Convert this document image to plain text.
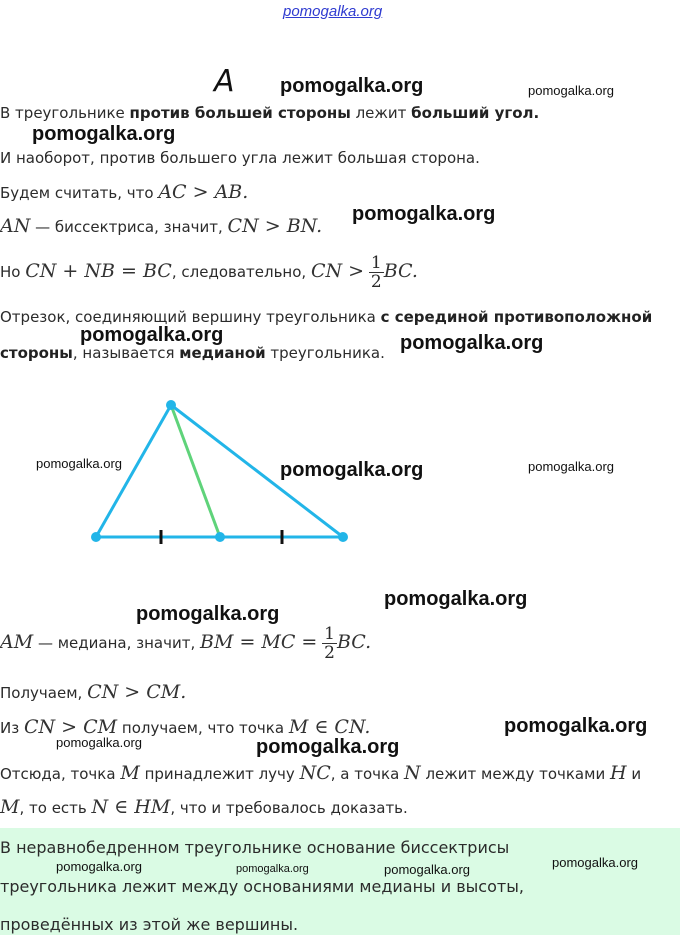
pomogalka.org
А
В треугольнике против большей стороны лежит больший угол.
И наоборот, против большего угла лежит большая сторона.
Будем считать, что AC > AB.
AN — биссектриса, значит, CN > BN.
Но CN + NB = BC, следовательно, CN > $\frac{1}{2}$ BC.
Отрезок, соединяющий вершину треугольника с серединой противоположной
стороны, называется медианой треугольника.
AM — медиана, значит, BM = MC = $\frac{1}{2}$ BC.
Получаем, CN > CM.
Из CN > CM получаем, что точка M ∈ CN.
Отсюда, точка M принадлежит лучу NC, а точка N лежит между точками H и
M, то есть N ∈ HM, что и требовалось доказать.
В неравнобедренном треугольнике основание биссектрисы
треугольника лежит между основаниями медианы и высоты,
проведённых из этой же вершины.
pomogalka.org	pomogalka.org
pomogalka.org
pomogalka.org
pomogalka.org	pomogalka.org
pomogalka.org	pomogalka.org	pomogalka.org
pomogalka.org
pomogalka.org
pomogalka.org
pomogalka.org	pomogalka.org
pomogalka.org	pomogalka.org	pomogalka.org	pomogalka.org
